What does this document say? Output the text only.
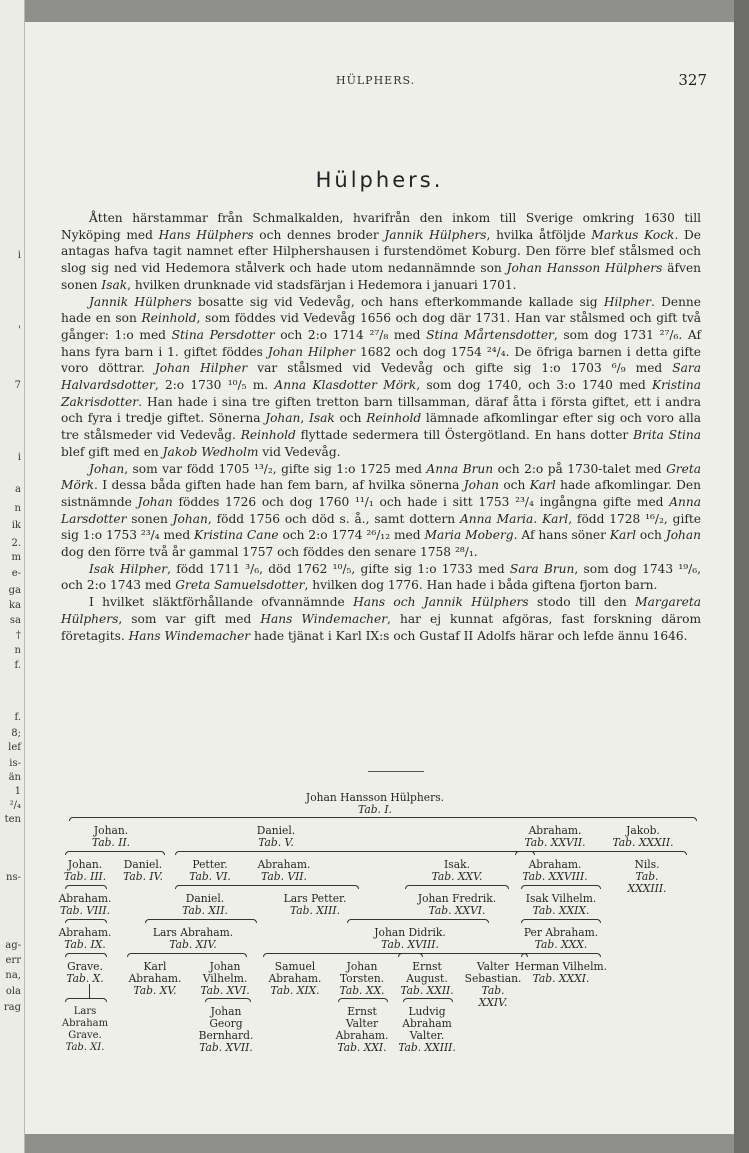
i
'
7
i
a
n
ik
2.
m
e-
ga
ka
sa
†
n
f.
f.
8;
lef
is-
än
1
²/₄
ten
ns-
ag-
err
na,
ola
rag
HÜLPHERS.	327
Hülphers.

Åtten härstammar från Schmalkalden, hvarifrån den inkom till Sverige omkring 1630 till Nyköping med Hans Hülphers och dennes broder Jannik Hülphers, hvilka åtföljde Markus Kock. De antagas hafva tagit namnet efter Hilphershausen i furstendömet Koburg. Den förre blef stålsmed och slog sig ned vid Hedemora stålverk och hade utom nedannämnde son Johan Hansson Hülphers äfven sonen Isak, hvilken drunknade vid stadsfärjan i Hedemora i januari 1701.

Jannik Hülphers bosatte sig vid Vedevåg, och hans efterkommande kallade sig Hilpher. Denne hade en son Reinhold, som föddes vid Vedevåg 1656 och dog där 1731. Han var stålsmed och gift två gånger: 1:o med Stina Persdotter och 2:o 1714 ²⁷/₈ med Stina Mårtensdotter, som dog 1731 ²⁷/₆. Af hans fyra barn i 1. giftet föddes Johan Hilpher 1682 och dog 1754 ²⁴/₄. De öfriga barnen i detta gifte voro döttrar. Johan Hilpher var stålsmed vid Vedevåg och gifte sig 1:o 1703 ⁶/₉ med Sara Halvardsdotter, 2:o 1730 ¹⁰/₅ m. Anna Klasdotter Mörk, som dog 1740, och 3:o 1740 med Kristina Zakrisdotter. Han hade i sina tre giften tretton barn tillsamman, däraf åtta i första giftet, ett i andra och fyra i tredje giftet. Sönerna Johan, Isak och Reinhold lämnade afkomlingar efter sig och voro alla tre stålsmeder vid Vedevåg. Reinhold flyttade sedermera till Östergötland. En hans dotter Brita Stina blef gift med en Jakob Wedholm vid Vedevåg.

Johan, som var född 1705 ¹³/₂, gifte sig 1:o 1725 med Anna Brun och 2:o på 1730-talet med Greta Mörk. I dessa båda giften hade han fem barn, af hvilka sönerna Johan och Karl hade afkomlingar. Den sistnämnde Johan föddes 1726 och dog 1760 ¹¹/₁ och hade i sitt 1753 ²³/₄ ingångna gifte med Anna Larsdotter sonen Johan, född 1756 och död s. å., samt dottern Anna Maria. Karl, född 1728 ¹⁶/₂, gifte sig 1:o 1753 ²³/₄ med Kristina Cane och 2:o 1774 ²⁶/₁₂ med Maria Moberg. Af hans söner Karl och Johan dog den förre två år gammal 1757 och föddes den senare 1758 ²⁸/₁.

Isak Hilpher, född 1711 ³/₆, död 1762 ¹⁰/₅, gifte sig 1:o 1733 med Sara Brun, som dog 1743 ¹⁹/₆, och 2:o 1743 med Greta Samuelsdotter, hvilken dog 1776. Han hade i båda giftena fjorton barn.

I hvilket släktförhållande ofvannämnde Hans och Jannik Hülphers stodo till den Margareta Hülphers, som var gift med Hans Windemacher, har ej kunnat afgöras, fast forskning därom företagits. Hans Windemacher hade tjänat i Karl IX:s och Gustaf II Adolfs härar och lefde ännu 1646.

Johan Hansson Hülphers.
Tab. I.
Johan.
Tab. II.
Daniel.
Tab. V.
Abraham.
Tab. XXVII.
Jakob.
Tab. XXXII.
Johan.
Tab. III.
Daniel.
Tab. IV.
Abraham.
Tab. VIII.
Abraham.
Tab. IX.
Grave.
Tab. X.
Lars
Abraham
Grave.
Tab. XI.
Petter.
Tab. VI.
Abraham.
Tab. VII.
Isak.
Tab. XXV.
Daniel.
Tab. XII.
Lars Petter.
Tab. XIII.
Lars Abraham.
Tab. XIV.
Karl
Abraham.
Tab. XV.
Johan
Vilhelm.
Tab. XVI.
Johan
Georg
Bernhard.
Tab. XVII.
Johan Didrik.
Tab. XVIII.
Samuel
Abraham.
Tab. XIX.
Johan
Torsten.
Tab. XX.
Ernst
Valter
Abraham.
Tab. XXI.
Johan Fredrik.
Tab. XXVI.
Ernst
August.
Tab. XXII.
Valter
Sebastian.
Tab.
XXIV.
Ludvig
Abraham
Valter.
Tab. XXIII.
Abraham.
Tab. XXVIII.
Nils.
Tab.
XXXIII.
Isak Vilhelm.
Tab. XXIX.
Per Abraham.
Tab. XXX.
Herman Vilhelm.
Tab. XXXI.
